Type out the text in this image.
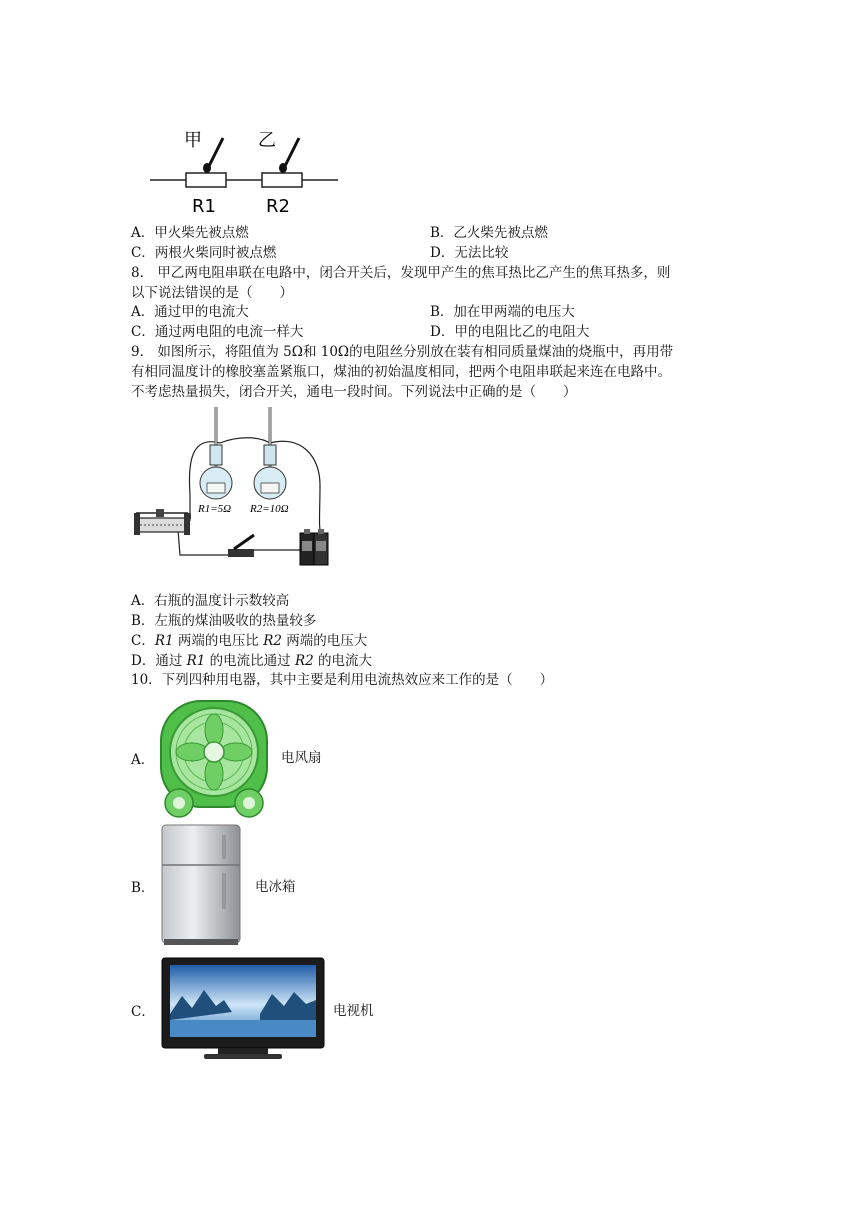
甲	乙
R1	R2
A．甲火柴先被点燃	B．乙火柴先被点燃
C．两根火柴同时被点燃	D．无法比较
8． 甲乙两电阻串联在电路中，闭合开关后，发现甲产生的焦耳热比乙产生的焦耳热多，则
以下说法错误的是（　　）
A．通过甲的电流大	B．加在甲两端的电压大
C．通过两电阻的电流一样大	D．甲的电阻比乙的电阻大
9． 如图所示，将阻值为 5Ω和 10Ω的电阻丝分别放在装有相同质量煤油的烧瓶中，再用带
有相同温度计的橡胶塞盖紧瓶口，煤油的初始温度相同，把两个电阻串联起来连在电路中。
不考虑热量损失，闭合开关，通电一段时间。下列说法中正确的是（　　）
R1=5Ω R2=10Ω
A．右瓶的温度计示数较高
B．左瓶的煤油吸收的热量较多
C．R1 两端的电压比 R2 两端的电压大
D．通过 R1 的电流比通过 R2 的电流大
10．下列四种用电器，其中主要是利用电流热效应来工作的是（　　）
A．	电风扇
B．	电冰箱
C．	电视机
